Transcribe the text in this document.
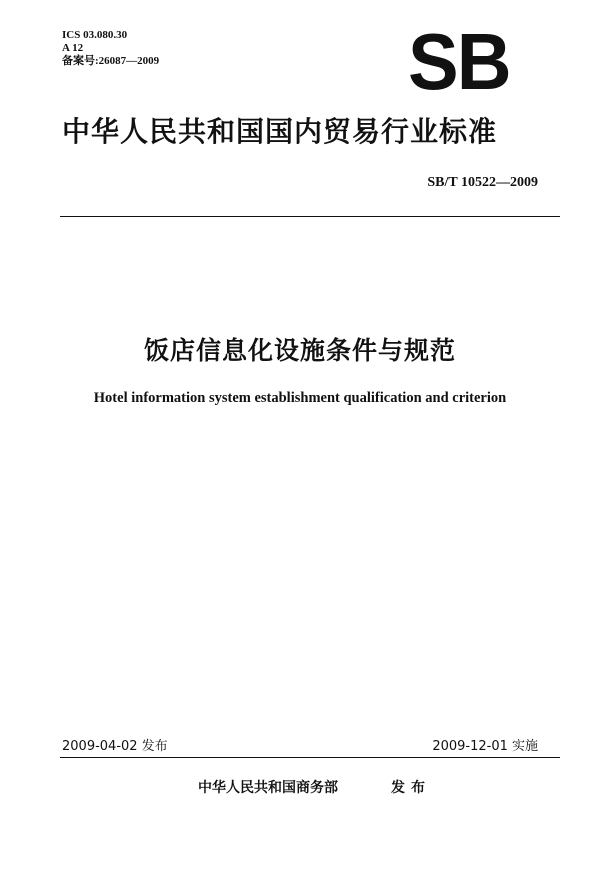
ICS 03.080.30
A 12
备案号:26087—2009	SB
中华人民共和国国内贸易行业标准
SB/T 10522—2009
饭店信息化设施条件与规范
Hotel information system establishment qualification and criterion
2009-04-02 发布	2009-12-01 实施
中华人民共和国商务部	发布
